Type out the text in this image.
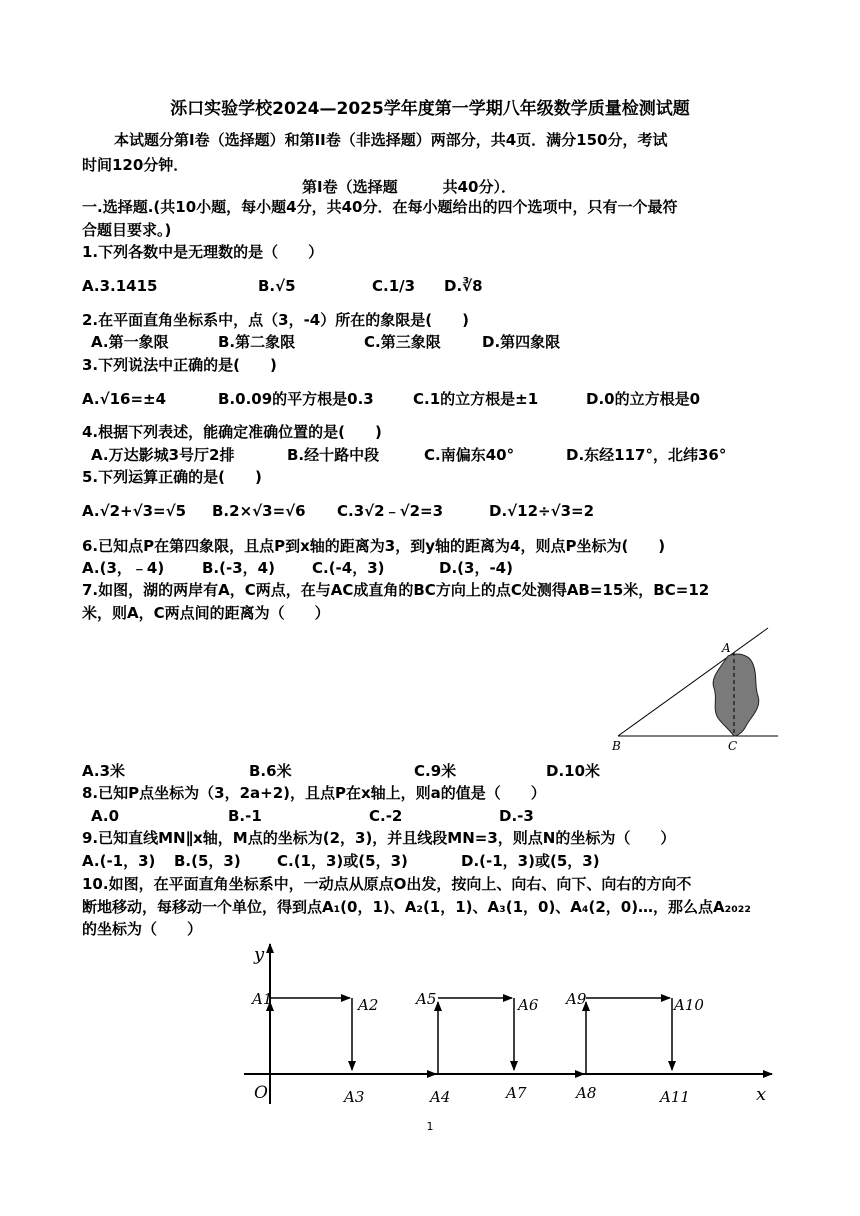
泺口实验学校2024—2025学年度第一学期八年级数学质量检测试题
本试题分第I卷（选择题）和第II卷（非选择题）两部分，共4页．满分150分，考试
时间120分钟．
第I卷（选择题　　　共40分）．
一.选择题.(共10小题，每小题4分，共40分．在每小题给出的四个选项中，只有一个最符
合题目要求。)
1.下列各数中是无理数的是（　　）
A.3.1415	B.√5	C.1/3 D.∛8
2.在平面直角坐标系中，点（3，-4）所在的象限是(　　)
A.第一象限	B.第二象限	C.第三象限	D.第四象限
3.下列说法中正确的是(　　)
A.√16=±4	B.0.09的平方根是0.3	C.1的立方根是±1	D.0的立方根是0
4.根据下列表述，能确定准确位置的是(　　)
A.万达影城3号厅2排	B.经十路中段	C.南偏东40°	D.东经117°，北纬36°
5.下列运算正确的是(　　)
A.√2+√3=√5 B.2×√3=√6 C.3√2﹣√2=3	D.√12÷√3=2
6.已知点P在第四象限，且点P到x轴的距离为3，到y轴的距离为4，则点P坐标为(　　)
A.(3，﹣4)	B.(-3，4) C.(-4，3)	D.(3，-4)
7.如图，湖的两岸有A，C两点，在与AC成直角的BC方向上的点C处测得AB=15米，BC=12
米，则A，C两点间的距离为（　　）
A
B	C
A.3米	B.6米	C.9米	D.10米
8.已知P点坐标为（3，2a+2)，且点P在x轴上，则a的值是（　　）
A.0	B.-1	C.-2	D.-3
9.已知直线MN∥x轴，M点的坐标为(2，3)，并且线段MN=3，则点N的坐标为（　　）
A.(-1，3) B.(5，3) C.(1，3)或(5，3)	D.(-1，3)或(5，3)
10.如图，在平面直角坐标系中，一动点从原点O出发，按向上、向右、向下、向右的方向不
断地移动，每移动一个单位，得到点A₁(0，1)、A₂(1，1)、A₃(1，0)、A₄(2，0)…，那么点A₂₀₂₂
的坐标为（　　）
y
x
O
A1	A2
A3	A4
A5	A6
A7	A8
A9	A10
A11
1
